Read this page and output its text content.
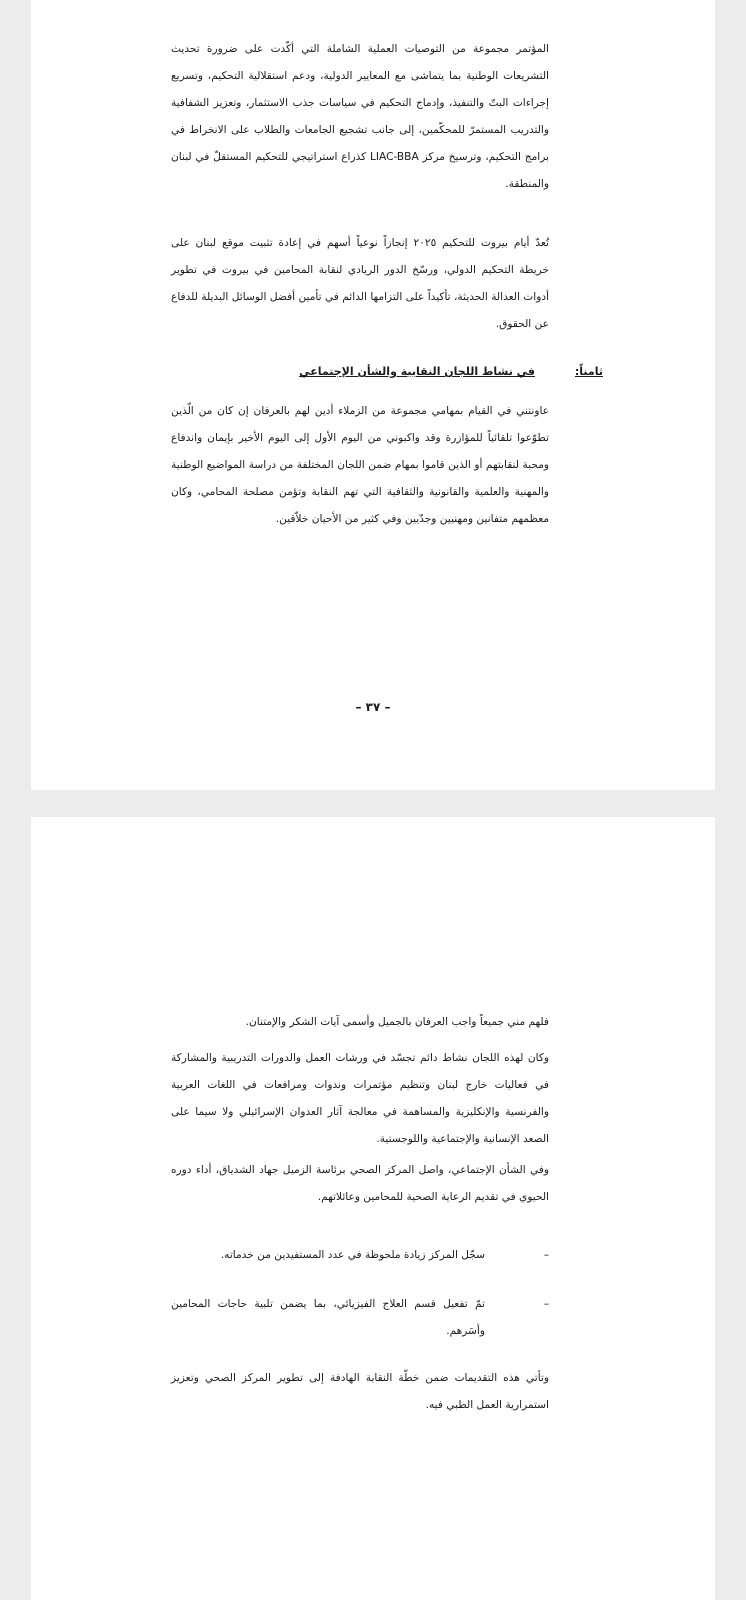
المؤتمر مجموعة من التوصيات العملية الشاملة التي أكّدت على ضرورة تحديث التشريعات الوطنية بما يتماشى مع المعايير الدولية، ودعم استقلالية التحكيم، وتسريع إجراءات البتّ والتنفيذ، وإدماج التحكيم في سياسات جذب الاستثمار، وتعزيز الشفافية والتدريب المستمرّ للمحكّمين، إلى جانب تشجيع الجامعات والطلاب على الانخراط في برامج التحكيم، وترسيخ مركز LIAC-BBA كذراع استراتيجي للتحكيم المستقلّ في لبنان والمنطقة.

تُعدّ أيام بيروت للتحكيم ٢٠٢٥ إنجازاً نوعياً أسهم في إعادة تثبيت موقع لبنان على خريطة التحكيم الدولي، ورسّخ الدور الريادي لنقابة المحامين في بيروت في تطوير أدوات العدالة الحديثة، تأكيداً على التزامها الدائم في تأمين أفضل الوسائل البديلة للدفاع عن الحقوق.

ثامناً:
في نشاط اللجان النقابية والشأن الإجتماعي

عاونتني في القيام بمهامي مجموعة من الزملاء أدين لهم بالعرفان إن كان من الّذين تطوّعوا تلقائياً للمؤازرة وقد واكبوني من اليوم الأول إلى اليوم الأخير بإيمان واندفاع ومحبة لنقابتهم أو الذين قاموا بمهام ضمن اللجان المختلفة من دراسة المواضيع الوطنية والمهنية والعلمية والقانونية والثقافية التي تهم النقابة وتؤمن مصلحة المحامي، وكان معظمهم متفانين ومهنيين وجدّيين وفي كثير من الأحيان خلاّقين.

– ٣٧ –

فلهم مني جميعاً واجب العرفان بالجميل وأسمى آيات الشكر والإمتنان.

وكان لهذه اللجان نشاط دائم تجسّد في ورشات العمل والدورات التدريبية والمشاركة في فعاليات خارج لبنان وتنظيم مؤتمرات وندوات ومرافعات في اللغات العربية والفرنسية والإنكليزية والمساهمة في معالجة آثار العدوان الإسرائيلي ولا سيما على الصعد الإنسانية والإجتماعية واللوجستية.

وفي الشأن الإجتماعي، واصل المركز الصحي برئاسة الزميل جهاد الشدياق، أداء دوره الحيوي في تقديم الرعاية الصحية للمحامين وعائلاتهم.

–
سجّل المركز زيادة ملحوظة في عدد المستفيدين من خدماته.
–
تمّ تفعيل قسم العلاج الفيزيائي، بما يضمن تلبية حاجات المحامين وأسَرهم.

وتأتي هذه التقديمات ضمن خطّة النقابة الهادفة إلى تطوير المركز الصحي وتعزيز استمرارية العمل الطبي فيه.
